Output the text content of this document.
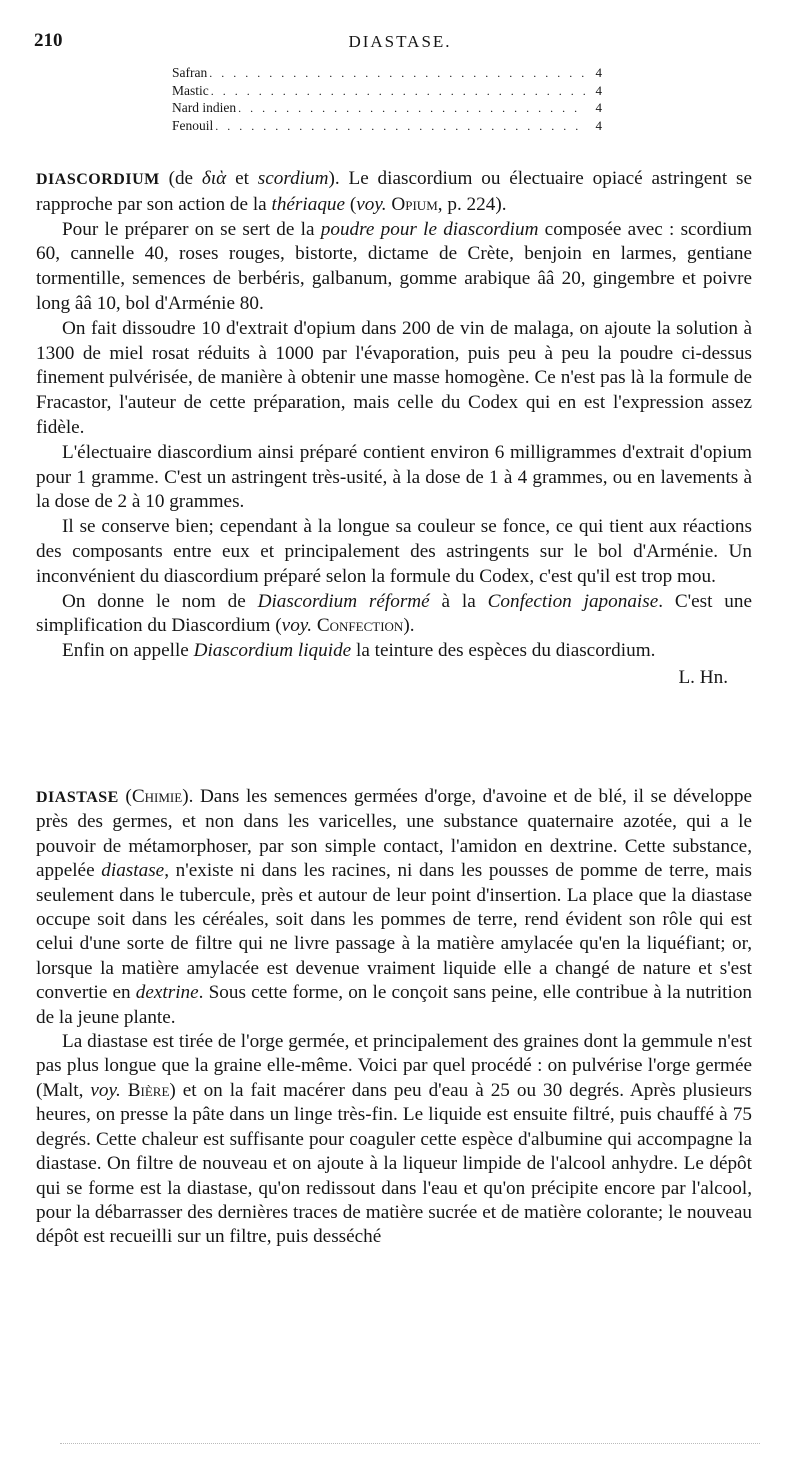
210	DIASTASE.
Safran . . .	4
Mastic . . .	4
Nard indien . . .	4
Fenouil . . .	4

DIASCORDIUM (de διὰ et scordium). Le diascordium ou électuaire opiacé astringent se rapproche par son action de la thériaque (voy. Opium, p. 224).

Pour le préparer on se sert de la poudre pour le diascordium composée avec : scordium 60, cannelle 40, roses rouges, bistorte, dictame de Crète, benjoin en larmes, gentiane tormentille, semences de berbéris, galbanum, gomme arabique ââ 20, gingembre et poivre long ââ 10, bol d'Arménie 80.

On fait dissoudre 10 d'extrait d'opium dans 200 de vin de malaga, on ajoute la solution à 1300 de miel rosat réduits à 1000 par l'évaporation, puis peu à peu la poudre ci-dessus finement pulvérisée, de manière à obtenir une masse homogène. Ce n'est pas là la formule de Fracastor, l'auteur de cette préparation, mais celle du Codex qui en est l'expression assez fidèle.

L'électuaire diascordium ainsi préparé contient environ 6 milligrammes d'extrait d'opium pour 1 gramme. C'est un astringent très-usité, à la dose de 1 à 4 grammes, ou en lavements à la dose de 2 à 10 grammes.

Il se conserve bien; cependant à la longue sa couleur se fonce, ce qui tient aux réactions des composants entre eux et principalement des astringents sur le bol d'Arménie. Un inconvénient du diascordium préparé selon la formule du Codex, c'est qu'il est trop mou.

On donne le nom de Diascordium réformé à la Confection japonaise. C'est une simplification du Diascordium (voy. Confection).

Enfin on appelle Diascordium liquide la teinture des espèces du diascordium.

L. Hn.

DIASTASE (Chimie). Dans les semences germées d'orge, d'avoine et de blé, il se développe près des germes, et non dans les varicelles, une substance quaternaire azotée, qui a le pouvoir de métamorphoser, par son simple contact, l'amidon en dextrine. Cette substance, appelée diastase, n'existe ni dans les racines, ni dans les pousses de pomme de terre, mais seulement dans le tubercule, près et autour de leur point d'insertion. La place que la diastase occupe soit dans les céréales, soit dans les pommes de terre, rend évident son rôle qui est celui d'une sorte de filtre qui ne livre passage à la matière amylacée qu'en la liquéfiant; or, lorsque la matière amylacée est devenue vraiment liquide elle a changé de nature et s'est convertie en dextrine. Sous cette forme, on le conçoit sans peine, elle contribue à la nutrition de la jeune plante.

La diastase est tirée de l'orge germée, et principalement des graines dont la gemmule n'est pas plus longue que la graine elle-même. Voici par quel procédé : on pulvérise l'orge germée (Malt, voy. Bière) et on la fait macérer dans peu d'eau à 25 ou 30 degrés. Après plusieurs heures, on presse la pâte dans un linge très-fin. Le liquide est ensuite filtré, puis chauffé à 75 degrés. Cette chaleur est suffisante pour coaguler cette espèce d'albumine qui accompagne la diastase. On filtre de nouveau et on ajoute à la liqueur limpide de l'alcool anhydre. Le dépôt qui se forme est la diastase, qu'on redissout dans l'eau et qu'on précipite encore par l'alcool, pour la débarrasser des dernières traces de matière sucrée et de matière colorante; le nouveau dépôt est recueilli sur un filtre, puis desséché
